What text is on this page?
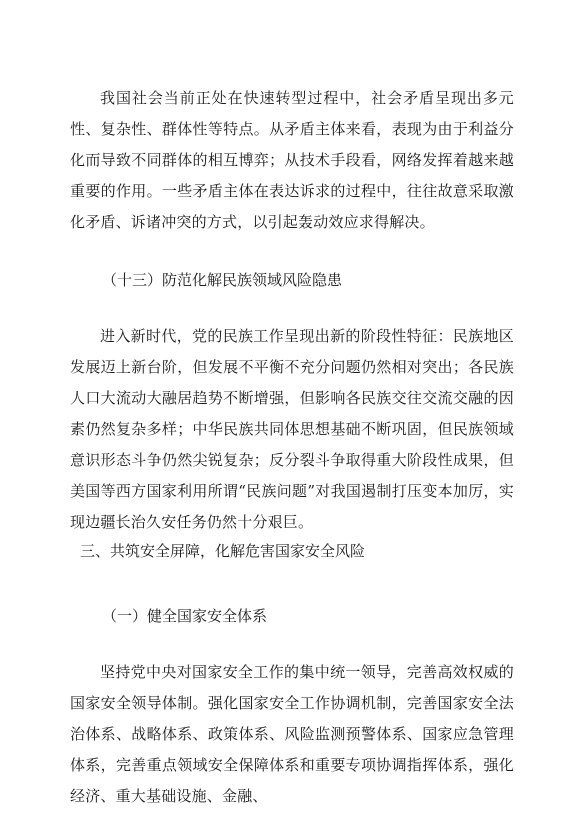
我国社会当前正处在快速转型过程中，社会矛盾呈现出多元性、复杂性、群体性等特点。从矛盾主体来看，表现为由于利益分化而导致不同群体的相互博弈；从技术手段看，网络发挥着越来越重要的作用。一些矛盾主体在表达诉求的过程中，往往故意采取激化矛盾、诉诸冲突的方式，以引起轰动效应求得解决。

（十三）防范化解民族领域风险隐患

进入新时代，党的民族工作呈现出新的阶段性特征：民族地区发展迈上新台阶，但发展不平衡不充分问题仍然相对突出；各民族人口大流动大融居趋势不断增强，但影响各民族交往交流交融的因素仍然复杂多样；中华民族共同体思想基础不断巩固，但民族领域意识形态斗争仍然尖锐复杂；反分裂斗争取得重大阶段性成果，但美国等西方国家利用所谓“民族问题”对我国遏制打压变本加厉，实现边疆长治久安任务仍然十分艰巨。

三、共筑安全屏障，化解危害国家安全风险

（一）健全国家安全体系

坚持党中央对国家安全工作的集中统一领导，完善高效权威的国家安全领导体制。强化国家安全工作协调机制，完善国家安全法治体系、战略体系、政策体系、风险监测预警体系、国家应急管理体系，完善重点领域安全保障体系和重要专项协调指挥体系，强化经济、重大基础设施、金融、
